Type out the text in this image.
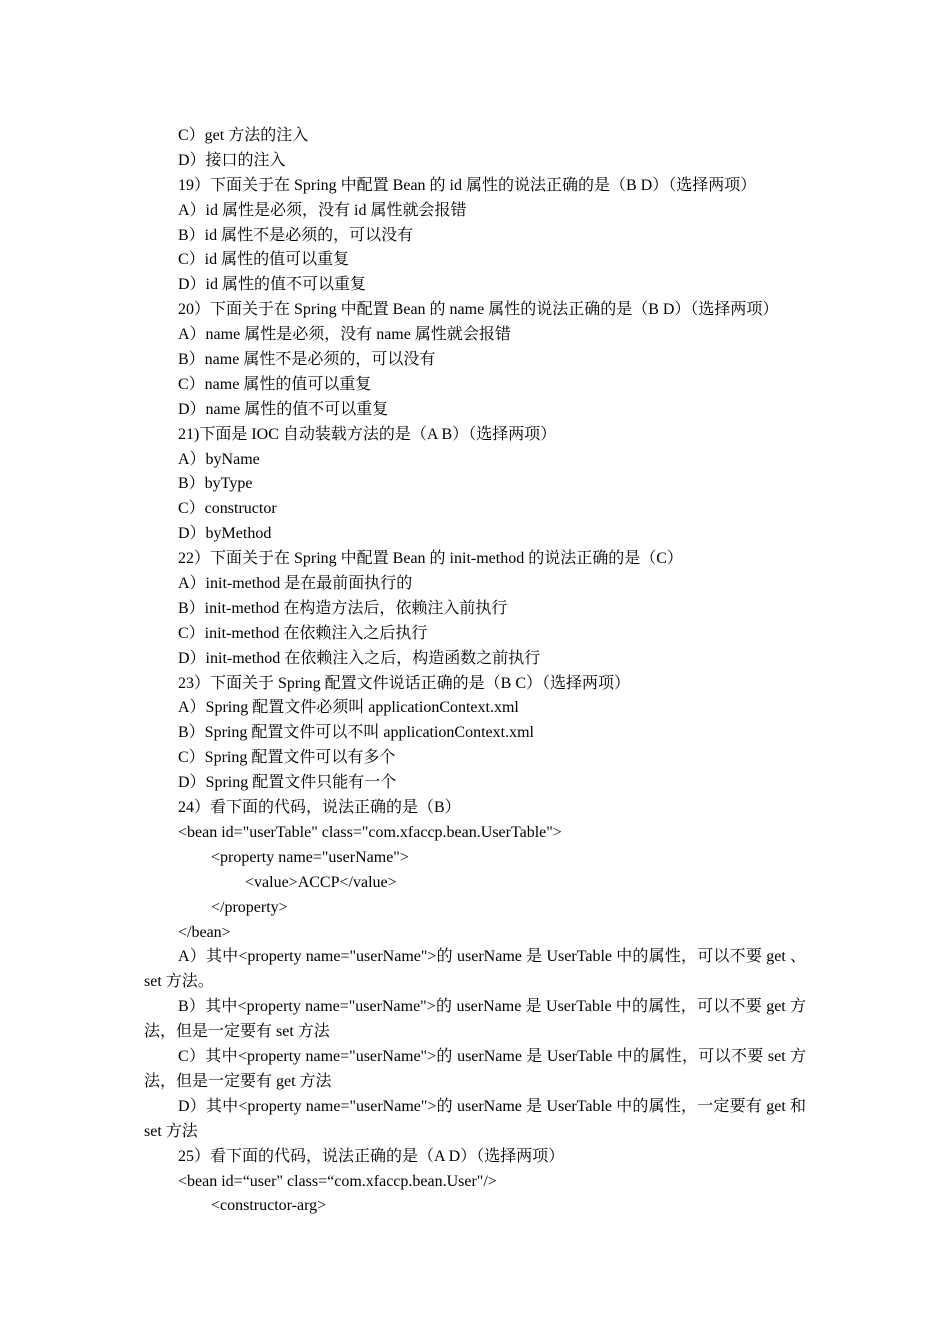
C）get 方法的注入
D）接口的注入
19）下面关于在 Spring 中配置 Bean 的 id 属性的说法正确的是（B D）（选择两项）
A）id 属性是必须，没有 id 属性就会报错
B）id 属性不是必须的，可以没有
C）id 属性的值可以重复
D）id 属性的值不可以重复
20）下面关于在 Spring 中配置 Bean 的 name 属性的说法正确的是（B D）（选择两项）
A）name 属性是必须，没有 name 属性就会报错
B）name 属性不是必须的，可以没有
C）name 属性的值可以重复
D）name 属性的值不可以重复
21)下面是 IOC 自动装载方法的是（A B）（选择两项）
A）byName
B）byType
C）constructor
D）byMethod
22）下面关于在 Spring 中配置 Bean 的 init-method 的说法正确的是（C）
A）init-method 是在最前面执行的
B）init-method 在构造方法后，依赖注入前执行
C）init-method 在依赖注入之后执行
D）init-method 在依赖注入之后，构造函数之前执行
23）下面关于 Spring 配置文件说话正确的是（B C）（选择两项）
A）Spring 配置文件必须叫 applicationContext.xml
B）Spring 配置文件可以不叫 applicationContext.xml
C）Spring 配置文件可以有多个
D）Spring 配置文件只能有一个
24）看下面的代码，说法正确的是（B）
<bean id="userTable" class="com.xfaccp.bean.UserTable">
<property name="userName">
<value>ACCP</value>
</property>
</bean>
A）其中<property name="userName">的 userName 是 UserTable 中的属性，可以不要 get 、set 方法。
B）其中<property name="userName">的 userName 是 UserTable 中的属性，可以不要 get 方法，但是一定要有 set 方法
C）其中<property name="userName">的 userName 是 UserTable 中的属性，可以不要 set 方法，但是一定要有 get 方法
D）其中<property name="userName">的 userName 是 UserTable 中的属性，一定要有 get 和 set 方法
25）看下面的代码，说法正确的是（A D）（选择两项）
<bean id=“user" class=“com.xfaccp.bean.User"/>
<constructor-arg>
